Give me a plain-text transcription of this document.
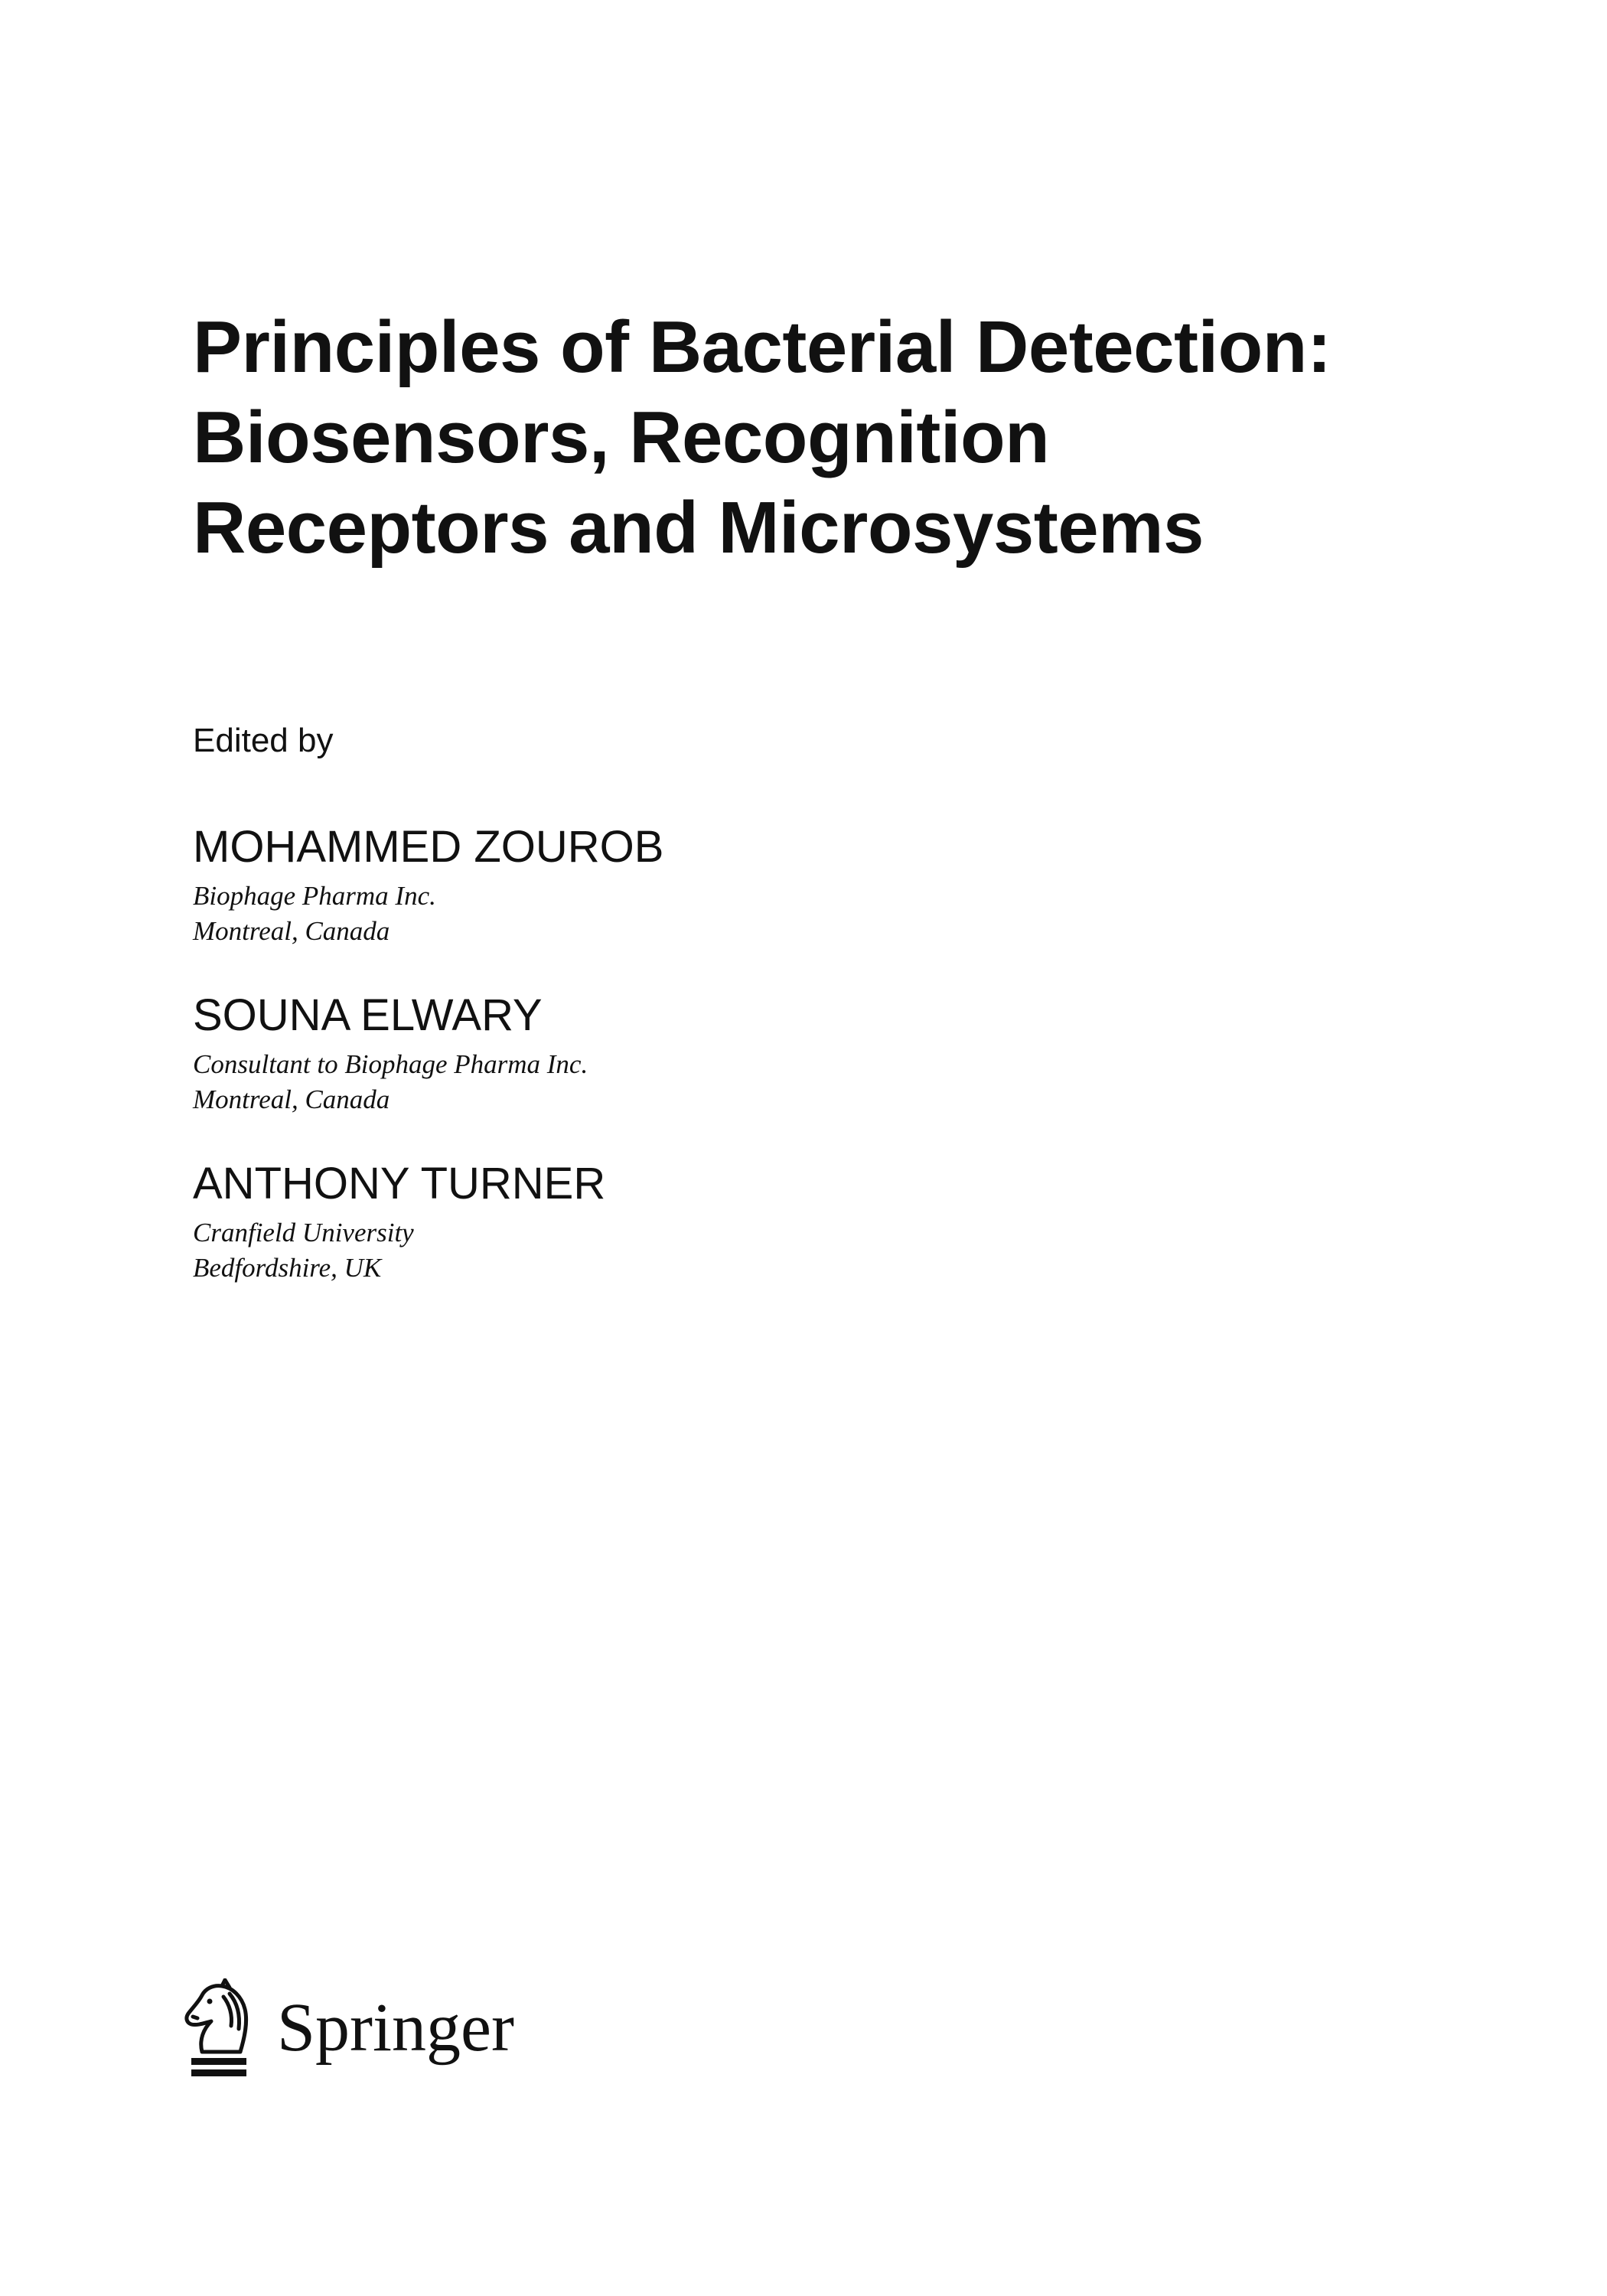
Principles of Bacterial Detection:
Biosensors, Recognition
Receptors and Microsystems

Edited by

MOHAMMED ZOUROB

Biophage Pharma Inc.
Montreal, Canada

SOUNA ELWARY

Consultant to Biophage Pharma Inc.
Montreal, Canada

ANTHONY TURNER

Cranfield University
Bedfordshire, UK

Springer
